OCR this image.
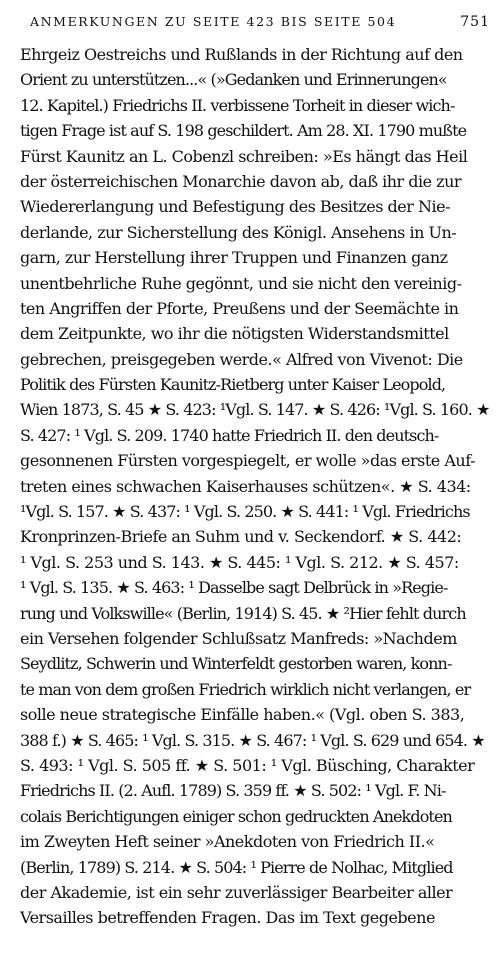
ANMERKUNGEN ZU SEITE 423 BIS SEITE 504	751
Ehrgeiz Oestreichs und Rußlands in der Richtung auf den
Orient zu unterstützen...« (»Gedanken und Erinnerungen«
12. Kapitel.) Friedrichs II. verbissene Torheit in dieser wich-
tigen Frage ist auf S. 198 geschildert. Am 28. XI. 1790 mußte
Fürst Kaunitz an L. Cobenzl schreiben: »Es hängt das Heil
der österreichischen Monarchie davon ab, daß ihr die zur
Wiedererlangung und Befestigung des Besitzes der Nie-
derlande, zur Sicherstellung des Königl. Ansehens in Un-
garn, zur Herstellung ihrer Truppen und Finanzen ganz
unentbehrliche Ruhe gegönnt, und sie nicht den vereinig-
ten Angriffen der Pforte, Preußens und der Seemächte in
dem Zeitpunkte, wo ihr die nötigsten Widerstandsmittel
gebrechen, preisgegeben werde.« Alfred von Vivenot: Die
Politik des Fürsten Kaunitz-Rietberg unter Kaiser Leopold,
Wien 1873, S. 45 ★ S. 423: ¹Vgl. S. 147. ★ S. 426: ¹Vgl. S. 160. ★
S. 427: ¹ Vgl. S. 209. 1740 hatte Friedrich II. den deutsch-
gesonnenen Fürsten vorgespiegelt, er wolle »das erste Auf-
treten eines schwachen Kaiserhauses schützen«. ★ S. 434:
¹Vgl. S. 157. ★ S. 437: ¹ Vgl. S. 250. ★ S. 441: ¹ Vgl. Friedrichs
Kronprinzen-Briefe an Suhm und v. Seckendorf. ★ S. 442:
¹ Vgl. S. 253 und S. 143. ★ S. 445: ¹ Vgl. S. 212. ★ S. 457:
¹ Vgl. S. 135. ★ S. 463: ¹ Dasselbe sagt Delbrück in »Regie-
rung und Volkswille« (Berlin, 1914) S. 45. ★ ²Hier fehlt durch
ein Versehen folgender Schlußsatz Manfreds: »Nachdem
Seydlitz, Schwerin und Winterfeldt gestorben waren, konn-
te man von dem großen Friedrich wirklich nicht verlangen, er
solle neue strategische Einfälle haben.« (Vgl. oben S. 383,
388 f.) ★ S. 465: ¹ Vgl. S. 315. ★ S. 467: ¹ Vgl. S. 629 und 654. ★
S. 493: ¹ Vgl. S. 505 ff. ★ S. 501: ¹ Vgl. Büsching, Charakter
Friedrichs II. (2. Aufl. 1789) S. 359 ff. ★ S. 502: ¹ Vgl. F. Ni-
colais Berichtigungen einiger schon gedruckten Anekdoten
im Zweyten Heft seiner »Anekdoten von Friedrich II.«
(Berlin, 1789) S. 214. ★ S. 504: ¹ Pierre de Nolhac, Mitglied
der Akademie, ist ein sehr zuverlässiger Bearbeiter aller
Versailles betreffenden Fragen. Das im Text gegebene
